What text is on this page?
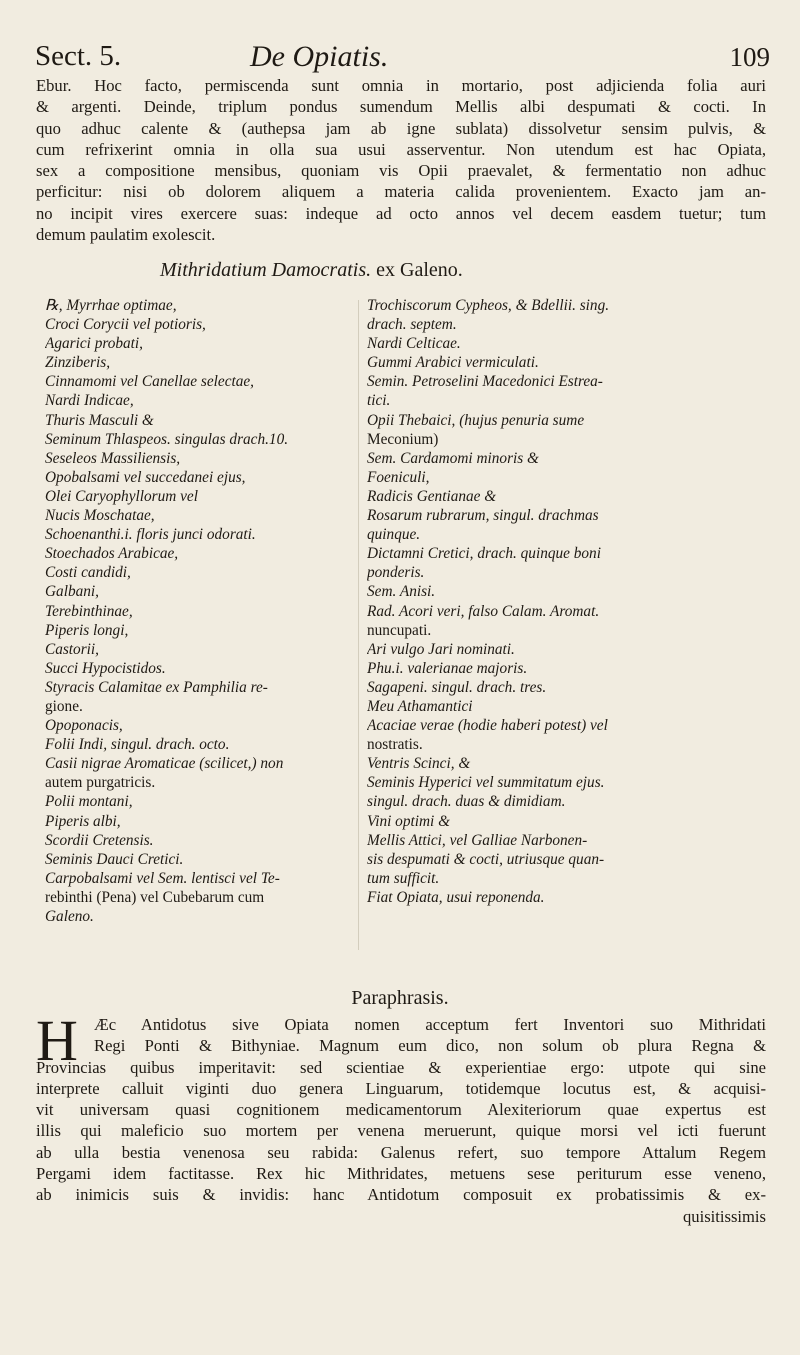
Sect. 5.	De Opiatis.	109
Ebur. Hoc facto, permiscenda sunt omnia in mortario, post adjicienda folia auri
& argenti. Deinde, triplum pondus sumendum Mellis albi despumati & cocti. In
quo adhuc calente & (authepsa jam ab igne sublata) dissolvetur sensim pulvis, &
cum refrixerint omnia in olla sua usui asserventur. Non utendum est hac Opiata,
sex a compositione mensibus, quoniam vis Opii praevalet, & fermentatio non adhuc
perficitur: nisi ob dolorem aliquem a materia calida provenientem. Exacto jam an-
no incipit vires exercere suas: indeque ad octo annos vel decem easdem tuetur; tum
demum paulatim exolescit.
Mithridatium Damocratis. ex Galeno.
℞, Myrrhae optimae,
Croci Corycii vel potioris,
Agarici probati,
Zinziberis,
Cinnamomi vel Canellae selectae,
Nardi Indicae,
Thuris Masculi &
Seminum Thlaspeos. singulas drach.10.
Seseleos Massiliensis,
Opobalsami vel succedanei ejus,
Olei Caryophyllorum vel
Nucis Moschatae,
Schoenanthi.i. floris junci odorati.
Stoechados Arabicae,
Costi candidi,
Galbani,
Terebinthinae,
Piperis longi,
Castorii,
Succi Hypocistidos.
Styracis Calamitae ex Pamphilia re-
gione.
Opoponacis,
Folii Indi, singul. drach. octo.
Casii nigrae Aromaticae (scilicet,) non
autem purgatricis.
Polii montani,
Piperis albi,
Scordii Cretensis.
Seminis Dauci Cretici.
Carpobalsami vel Sem. lentisci vel Te-
rebinthi (Pena) vel Cubebarum cum
Galeno.
Trochiscorum Cypheos, & Bdellii. sing.
drach. septem.
Nardi Celticae.
Gummi Arabici vermiculati.
Semin. Petroselini Macedonici Estrea-
tici.
Opii Thebaici, (hujus penuria sume
Meconium)
Sem. Cardamomi minoris &
Foeniculi,
Radicis Gentianae &
Rosarum rubrarum, singul. drachmas
quinque.
Dictamni Cretici, drach. quinque boni
ponderis.
Sem. Anisi.
Rad. Acori veri, falso Calam. Aromat.
nuncupati.
Ari vulgo Jari nominati.
Phu.i. valerianae majoris.
Sagapeni. singul. drach. tres.
Meu Athamantici
Acaciae verae (hodie haberi potest) vel
nostratis.
Ventris Scinci, &
Seminis Hyperici vel summitatum ejus.
singul. drach. duas & dimidiam.
Vini optimi &
Mellis Attici, vel Galliae Narbonen-
sis despumati & cocti, utriusque quan-
tum sufficit.
Fiat Opiata, usui reponenda.
Paraphrasis.
H Æc Antidotus sive Opiata nomen acceptum fert Inventori suo Mithridati
Regi Ponti & Bithyniae. Magnum eum dico, non solum ob plura Regna &
Provincias quibus imperitavit: sed scientiae & experientiae ergo: utpote qui sine
interprete calluit viginti duo genera Linguarum, totidemque locutus est, & acquisi-
vit universam quasi cognitionem medicamentorum Alexiteriorum quae expertus est
illis qui maleficio suo mortem per venena meruerunt, quique morsi vel icti fuerunt
ab ulla bestia venenosa seu rabida: Galenus refert, suo tempore Attalum Regem
Pergami idem factitasse. Rex hic Mithridates, metuens sese periturum esse veneno,
ab inimicis suis & invidis: hanc Antidotum composuit ex probatissimis & ex-
quisitissimis
